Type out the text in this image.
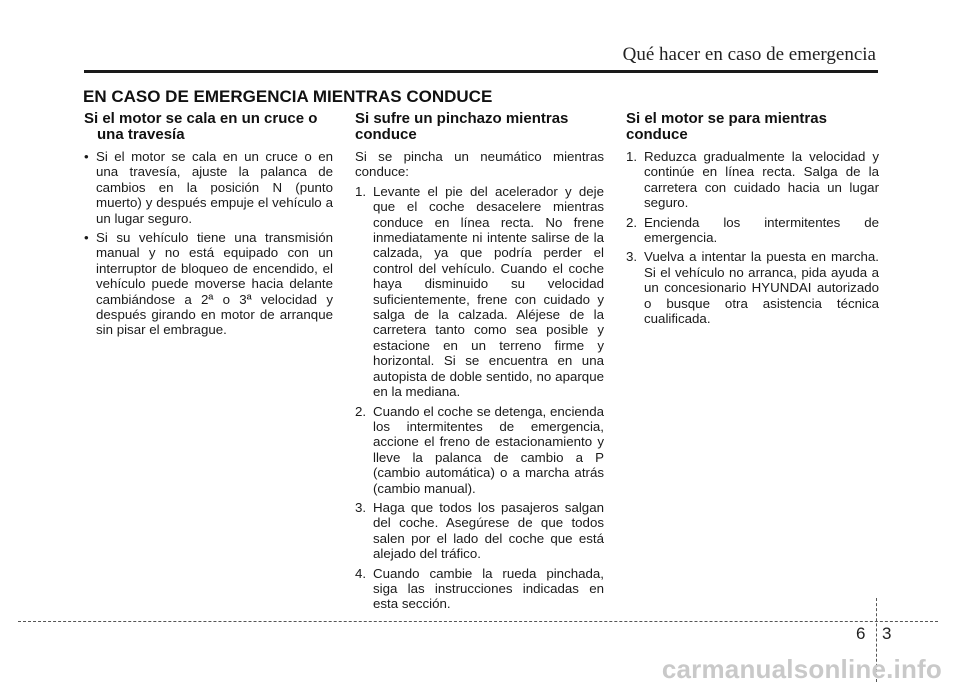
Qué hacer en caso de emergencia
EN CASO DE EMERGENCIA MIENTRAS CONDUCE
Si el motor se cala en un cruce o una travesía
• Si el motor se cala en un cruce o en una travesía, ajuste la palanca de cambios en la posición N (punto muerto) y después empuje el vehículo a un lugar seguro.
• Si su vehículo tiene una transmisión manual y no está equipado con un interruptor de bloqueo de encendido, el vehículo puede moverse hacia delante cambiándose a 2ª o 3ª velocidad y después girando en motor de arranque sin pisar el embrague.
Si sufre un pinchazo mientras conduce

Si se pincha un neumático mientras conduce:

1. Levante el pie del acelerador y deje que el coche desacelere mientras conduce en línea recta. No frene inmediatamente ni intente salirse de la calzada, ya que podría perder el control del vehículo. Cuando el coche haya disminuido su velocidad suficientemente, frene con cuidado y salga de la calzada. Aléjese de la carretera tanto como sea posible y estacione en un terreno firme y horizontal. Si se encuentra en una autopista de doble sentido, no aparque en la mediana.
2. Cuando el coche se detenga, encienda los intermitentes de emergencia, accione el freno de estacionamiento y lleve la palanca de cambio a P (cambio automática) o a marcha atrás (cambio manual).
3. Haga que todos los pasajeros salgan del coche. Asegúrese de que todos salen por el lado del coche que está alejado del tráfico.
4. Cuando cambie la rueda pinchada, siga las instrucciones indicadas en esta sección.
Si el motor se para mientras conduce
1. Reduzca gradualmente la velocidad y continúe en línea recta. Salga de la carretera con cuidado hacia un lugar seguro.
2. Encienda los intermitentes de emergencia.
3. Vuelva a intentar la puesta en marcha. Si el vehículo no arranca, pida ayuda a un concesionario HYUNDAI autorizado o busque otra asistencia técnica cualificada.
6 3
carmanualsonline.info
